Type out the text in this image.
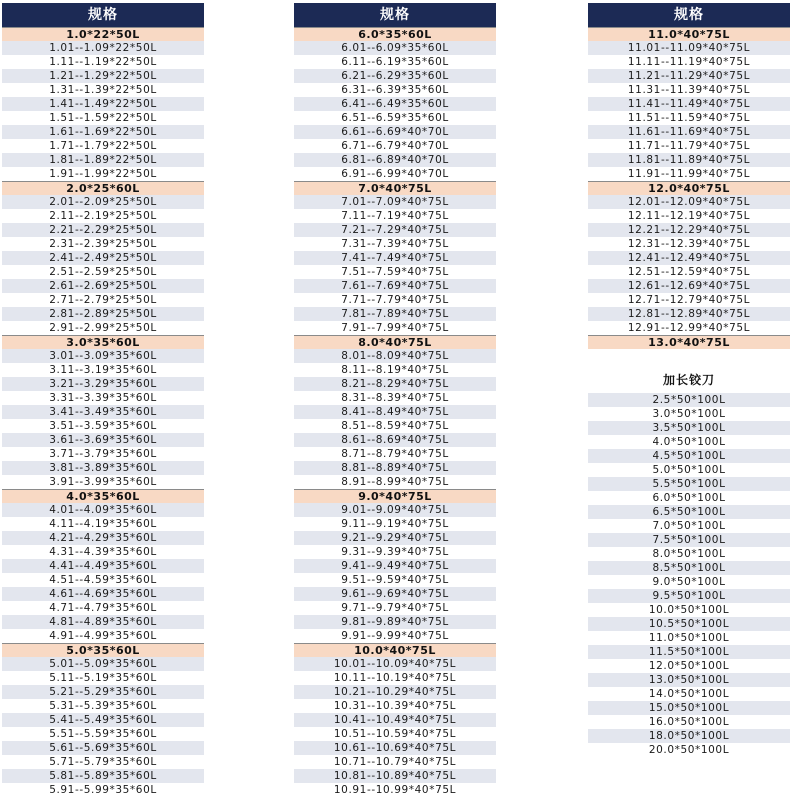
规格
1.0*22*50L
1.01--1.09*22*50L
1.11--1.19*22*50L
1.21--1.29*22*50L
1.31--1.39*22*50L
1.41--1.49*22*50L
1.51--1.59*22*50L
1.61--1.69*22*50L
1.71--1.79*22*50L
1.81--1.89*22*50L
1.91--1.99*22*50L
2.0*25*60L
2.01--2.09*25*50L
2.11--2.19*25*50L
2.21--2.29*25*50L
2.31--2.39*25*50L
2.41--2.49*25*50L
2.51--2.59*25*50L
2.61--2.69*25*50L
2.71--2.79*25*50L
2.81--2.89*25*50L
2.91--2.99*25*50L
3.0*35*60L
3.01--3.09*35*60L
3.11--3.19*35*60L
3.21--3.29*35*60L
3.31--3.39*35*60L
3.41--3.49*35*60L
3.51--3.59*35*60L
3.61--3.69*35*60L
3.71--3.79*35*60L
3.81--3.89*35*60L
3.91--3.99*35*60L
4.0*35*60L
4.01--4.09*35*60L
4.11--4.19*35*60L
4.21--4.29*35*60L
4.31--4.39*35*60L
4.41--4.49*35*60L
4.51--4.59*35*60L
4.61--4.69*35*60L
4.71--4.79*35*60L
4.81--4.89*35*60L
4.91--4.99*35*60L
5.0*35*60L
5.01--5.09*35*60L
5.11--5.19*35*60L
5.21--5.29*35*60L
5.31--5.39*35*60L
5.41--5.49*35*60L
5.51--5.59*35*60L
5.61--5.69*35*60L
5.71--5.79*35*60L
5.81--5.89*35*60L
5.91--5.99*35*60L
规格
6.0*35*60L
6.01--6.09*35*60L
6.11--6.19*35*60L
6.21--6.29*35*60L
6.31--6.39*35*60L
6.41--6.49*35*60L
6.51--6.59*35*60L
6.61--6.69*40*70L
6.71--6.79*40*70L
6.81--6.89*40*70L
6.91--6.99*40*70L
7.0*40*75L
7.01--7.09*40*75L
7.11--7.19*40*75L
7.21--7.29*40*75L
7.31--7.39*40*75L
7.41--7.49*40*75L
7.51--7.59*40*75L
7.61--7.69*40*75L
7.71--7.79*40*75L
7.81--7.89*40*75L
7.91--7.99*40*75L
8.0*40*75L
8.01--8.09*40*75L
8.11--8.19*40*75L
8.21--8.29*40*75L
8.31--8.39*40*75L
8.41--8.49*40*75L
8.51--8.59*40*75L
8.61--8.69*40*75L
8.71--8.79*40*75L
8.81--8.89*40*75L
8.91--8.99*40*75L
9.0*40*75L
9.01--9.09*40*75L
9.11--9.19*40*75L
9.21--9.29*40*75L
9.31--9.39*40*75L
9.41--9.49*40*75L
9.51--9.59*40*75L
9.61--9.69*40*75L
9.71--9.79*40*75L
9.81--9.89*40*75L
9.91--9.99*40*75L
10.0*40*75L
10.01--10.09*40*75L
10.11--10.19*40*75L
10.21--10.29*40*75L
10.31--10.39*40*75L
10.41--10.49*40*75L
10.51--10.59*40*75L
10.61--10.69*40*75L
10.71--10.79*40*75L
10.81--10.89*40*75L
10.91--10.99*40*75L
规格
11.0*40*75L
11.01--11.09*40*75L
11.11--11.19*40*75L
11.21--11.29*40*75L
11.31--11.39*40*75L
11.41--11.49*40*75L
11.51--11.59*40*75L
11.61--11.69*40*75L
11.71--11.79*40*75L
11.81--11.89*40*75L
11.91--11.99*40*75L
12.0*40*75L
12.01--12.09*40*75L
12.11--12.19*40*75L
12.21--12.29*40*75L
12.31--12.39*40*75L
12.41--12.49*40*75L
12.51--12.59*40*75L
12.61--12.69*40*75L
12.71--12.79*40*75L
12.81--12.89*40*75L
12.91--12.99*40*75L
13.0*40*75L
加长铰刀
2.5*50*100L
3.0*50*100L
3.5*50*100L
4.0*50*100L
4.5*50*100L
5.0*50*100L
5.5*50*100L
6.0*50*100L
6.5*50*100L
7.0*50*100L
7.5*50*100L
8.0*50*100L
8.5*50*100L
9.0*50*100L
9.5*50*100L
10.0*50*100L
10.5*50*100L
11.0*50*100L
11.5*50*100L
12.0*50*100L
13.0*50*100L
14.0*50*100L
15.0*50*100L
16.0*50*100L
18.0*50*100L
20.0*50*100L
